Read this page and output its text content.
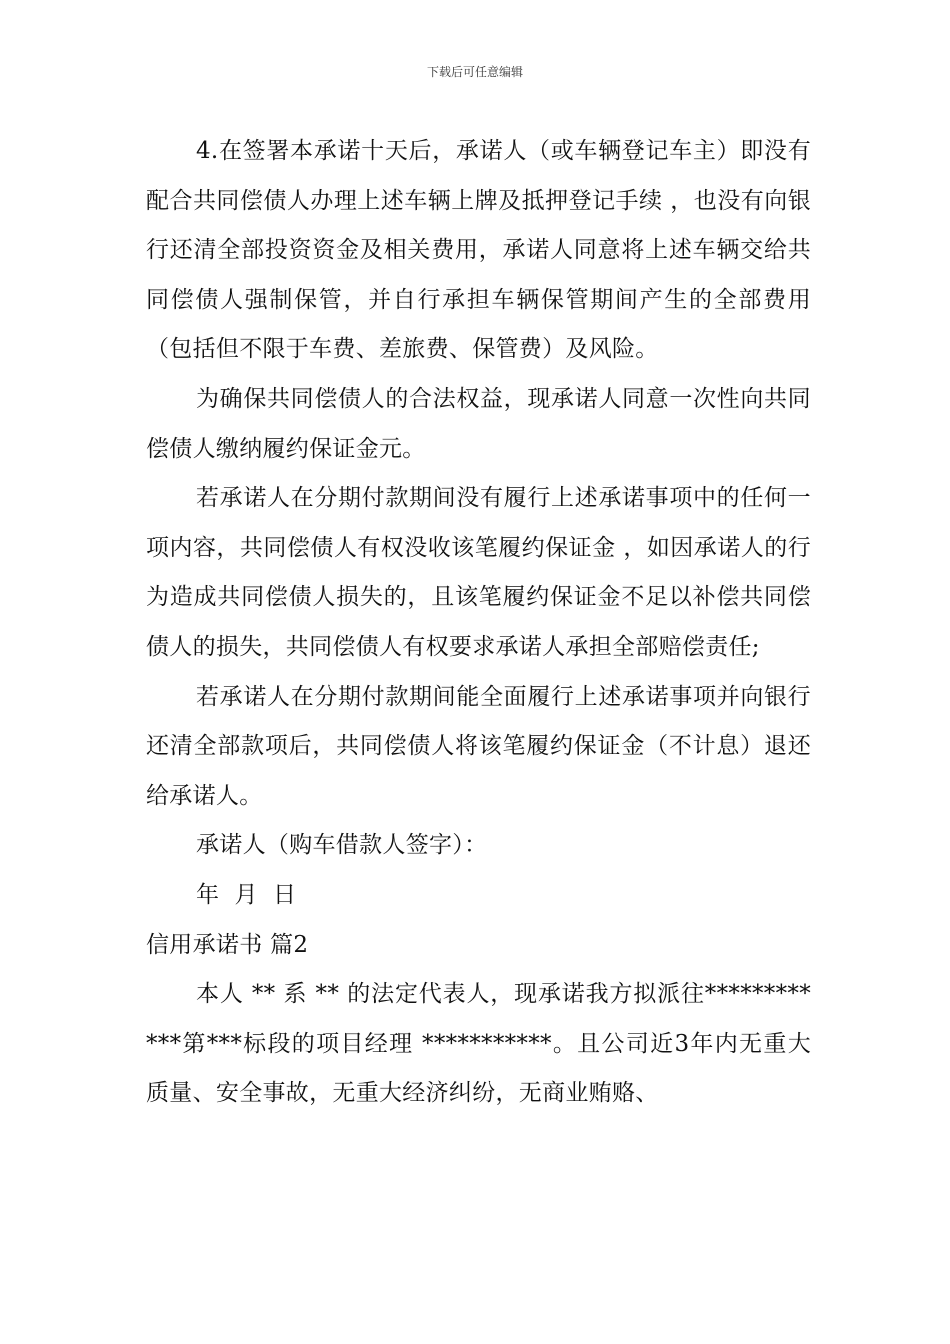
下载后可任意编辑

4.在签署本承诺十天后，承诺人（或车辆登记车主）即没有配合共同偿债人办理上述车辆上牌及抵押登记手续 ，也没有向银行还清全部投资资金及相关费用，承诺人同意将上述车辆交给共同偿债人强制保管，并自行承担车辆保管期间产生的全部费用（包括但不限于车费、差旅费、保管费）及风险。

为确保共同偿债人的合法权益，现承诺人同意一次性向共同偿债人缴纳履约保证金元。

若承诺人在分期付款期间没有履行上述承诺事项中的任何一项内容，共同偿债人有权没收该笔履约保证金 ，如因承诺人的行为造成共同偿债人损失的，且该笔履约保证金不足以补偿共同偿债人的损失，共同偿债人有权要求承诺人承担全部赔偿责任;

若承诺人在分期付款期间能全面履行上述承诺事项并向银行还清全部款项后，共同偿债人将该笔履约保证金（不计息）退还给承诺人。

承诺人（购车借款人签字）：

年  月  日

信用承诺书 篇2

本人 ** 系 ** 的法定代表人，现承诺我方拟派往************第***标段的项目经理 ***********。且公司近3年内无重大质量、安全事故，无重大经济纠纷，无商业贿赂、
